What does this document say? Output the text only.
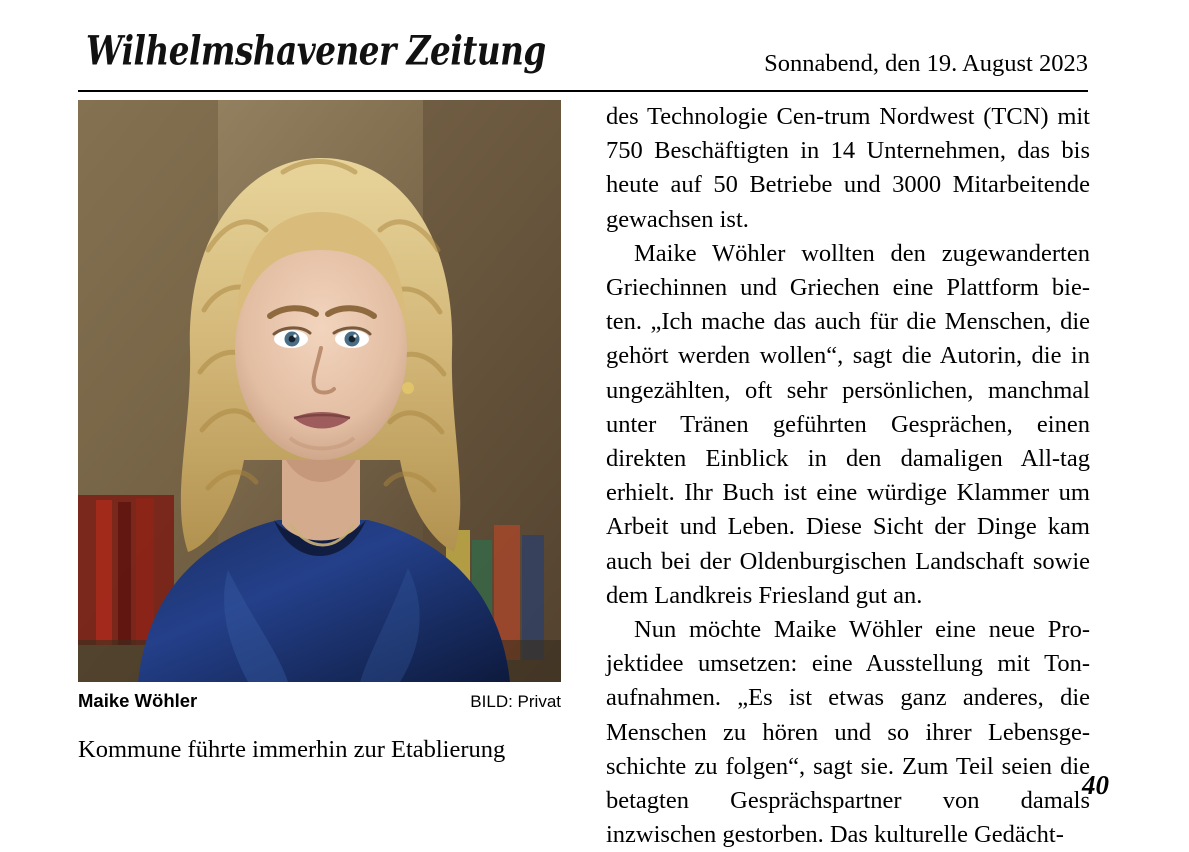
Wilhelmshavener Zeitung	Sonnabend, den 19. August 2023
Maike Wöhler	BILD: Privat
Kommune führte immerhin zur Etablierung

des Technologie Cen-trum Nordwest (TCN) mit 750 Beschäftigten in 14 Unternehmen, das bis heute auf 50 Betriebe und 3000 Mitarbeitende gewachsen ist.

Maike Wöhler wollten den zugewanderten Griechinnen und Griechen eine Plattform bie-ten. „Ich mache das auch für die Menschen, die gehört werden wollen“, sagt die Autorin, die in ungezählten, oft sehr persönlichen, manchmal unter Tränen geführten Gesprächen, einen direkten Einblick in den damaligen All-tag erhielt. Ihr Buch ist eine würdige Klammer um Arbeit und Leben. Diese Sicht der Dinge kam auch bei der Oldenburgischen Landschaft sowie dem Landkreis Friesland gut an.

Nun möchte Maike Wöhler eine neue Pro-jektidee umsetzen: eine Ausstellung mit Ton-aufnahmen. „Es ist etwas ganz anderes, die Menschen zu hören und so ihrer Lebensge-schichte zu folgen“, sagt sie. Zum Teil seien die betagten Gesprächspartner von damals inzwischen gestorben. Das kulturelle Gedächt-

40
